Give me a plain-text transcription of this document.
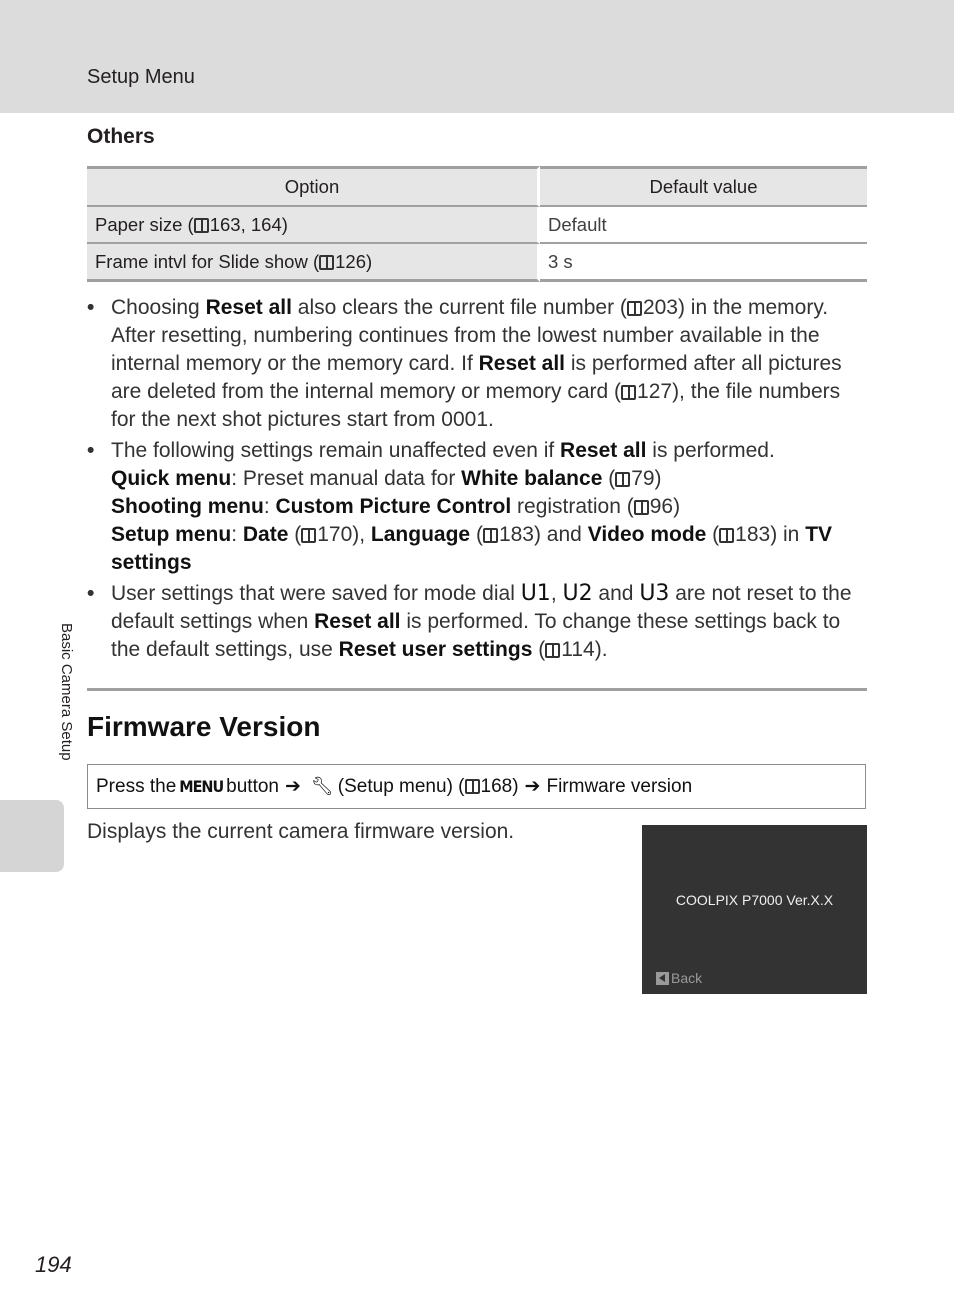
Setup Menu
Others
Option	Default value
Paper size ( 163, 164)	Default
Frame intvl for Slide show ( 126)	3 s
• Choosing Reset all also clears the current file number ( 203) in the memory. After resetting, numbering continues from the lowest number available in the internal memory or the memory card. If Reset all is performed after all pictures are deleted from the internal memory or memory card ( 127), the file numbers for the next shot pictures start from 0001.
• The following settings remain unaffected even if Reset all is performed.
Quick menu: Preset manual data for White balance ( 79)
Shooting menu: Custom Picture Control registration ( 96)
Setup menu: Date ( 170), Language ( 183) and Video mode ( 183) in TV settings
• User settings that were saved for mode dial U1, U2 and U3 are not reset to the default settings when Reset all is performed. To change these settings back to the default settings, use Reset user settings ( 114).
Firmware Version
Press the MENU button ➔ 🔧︎ (Setup menu) ( 168) ➔ Firmware version
Displays the current camera firmware version.
COOLPIX P7000 Ver.X.X
Back
Basic Camera Setup
194
